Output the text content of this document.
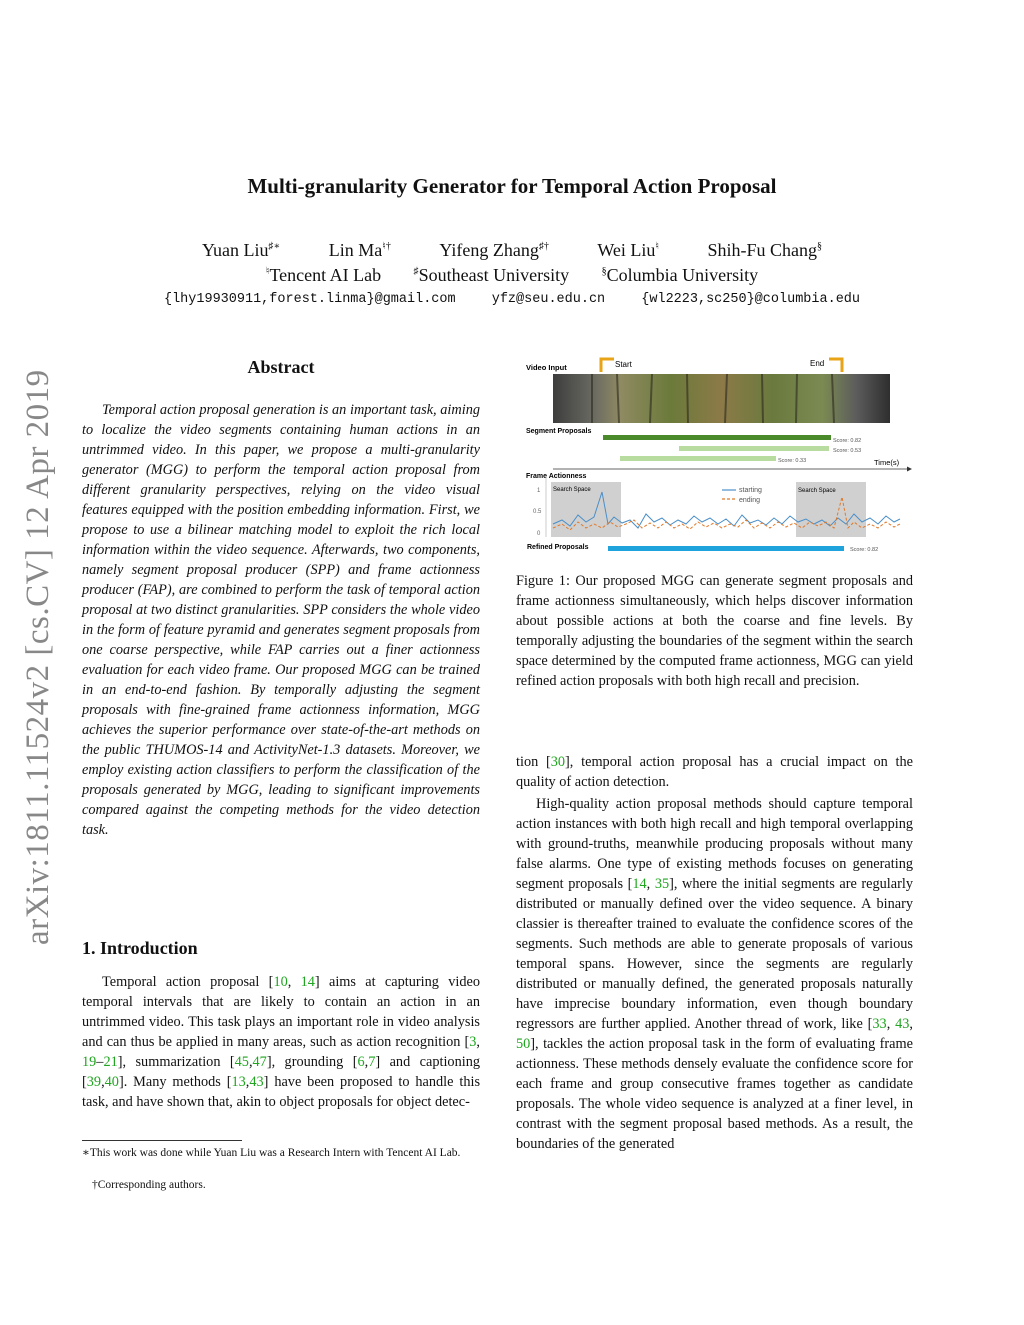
Multi-granularity Generator for Temporal Action Proposal
Yuan Liu♯∗	Lin Ma♮†	Yifeng Zhang♯†	Wei Liu♮	Shih-Fu Chang§
♮Tencent AI Lab	♯Southeast University	§Columbia University
{lhy19930911,forest.linma}@gmail.com	yfz@seu.edu.cn	{wl2223,sc250}@columbia.edu
arXiv:1811.11524v2 [cs.CV] 12 Apr 2019
Abstract
Temporal action proposal generation is an important task, aiming to localize the video segments containing human actions in an untrimmed video. In this paper, we propose a multi-granularity generator (MGG) to perform the temporal action proposal from different granularity perspectives, relying on the video visual features equipped with the position embedding information. First, we propose to use a bilinear matching model to exploit the rich local information within the video sequence. Afterwards, two components, namely segment proposal producer (SPP) and frame actionness producer (FAP), are combined to perform the task of temporal action proposal at two distinct granularities. SPP considers the whole video in the form of feature pyramid and generates segment proposals from one coarse perspective, while FAP carries out a finer actionness evaluation for each video frame. Our proposed MGG can be trained in an end-to-end fashion. By temporally adjusting the segment proposals with fine-grained frame actionness information, MGG achieves the superior performance over state-of-the-art methods on the public THUMOS-14 and ActivityNet-1.3 datasets. Moreover, we employ existing action classifiers to perform the classification of the proposals generated by MGG, leading to significant improvements compared against the competing methods for the video detection task.
1. Introduction
Temporal action proposal [10, 14] aims at capturing video temporal intervals that are likely to contain an action in an untrimmed video. This task plays an important role in video analysis and can thus be applied in many areas, such as action recognition [3, 19–21], summarization [45,47], grounding [6,7] and captioning [39,40]. Many methods [13,43] have been proposed to handle this task, and have shown that, akin to object proposals for object detec-
∗This work was done while Yuan Liu was a Research Intern with Tencent AI Lab.
†Corresponding authors.
Video Input	Start	End
Segment Proposals
Score: 0.82
Score: 0.53
Score: 0.33	Time(s)
Frame Actionness
1
0.5
0
Search Space	Search Space
starting
ending
Refined Proposals	Score: 0.82
Figure 1: Our proposed MGG can generate segment proposals and frame actionness simultaneously, which helps discover information about possible actions at both the coarse and fine levels. By temporally adjusting the boundaries of the segment within the search space determined by the computed frame actionness, MGG can yield refined action proposals with both high recall and precision.
tion [30], temporal action proposal has a crucial impact on the quality of action detection.
High-quality action proposal methods should capture temporal action instances with both high recall and high temporal overlapping with ground-truths, meanwhile producing proposals without many false alarms. One type of existing methods focuses on generating segment proposals [14, 35], where the initial segments are regularly distributed or manually defined over the video sequence. A binary classier is thereafter trained to evaluate the confidence scores of the segments. Such methods are able to generate proposals of various temporal spans. However, since the segments are regularly distributed or manually defined, the generated proposals naturally have imprecise boundary information, even though boundary regressors are further applied. Another thread of work, like [33, 43, 50], tackles the action proposal task in the form of evaluating frame actionness. These methods densely evaluate the confidence score for each frame and group consecutive frames together as candidate proposals. The whole video sequence is analyzed at a finer level, in contrast with the segment proposal based methods. As a result, the boundaries of the generated
